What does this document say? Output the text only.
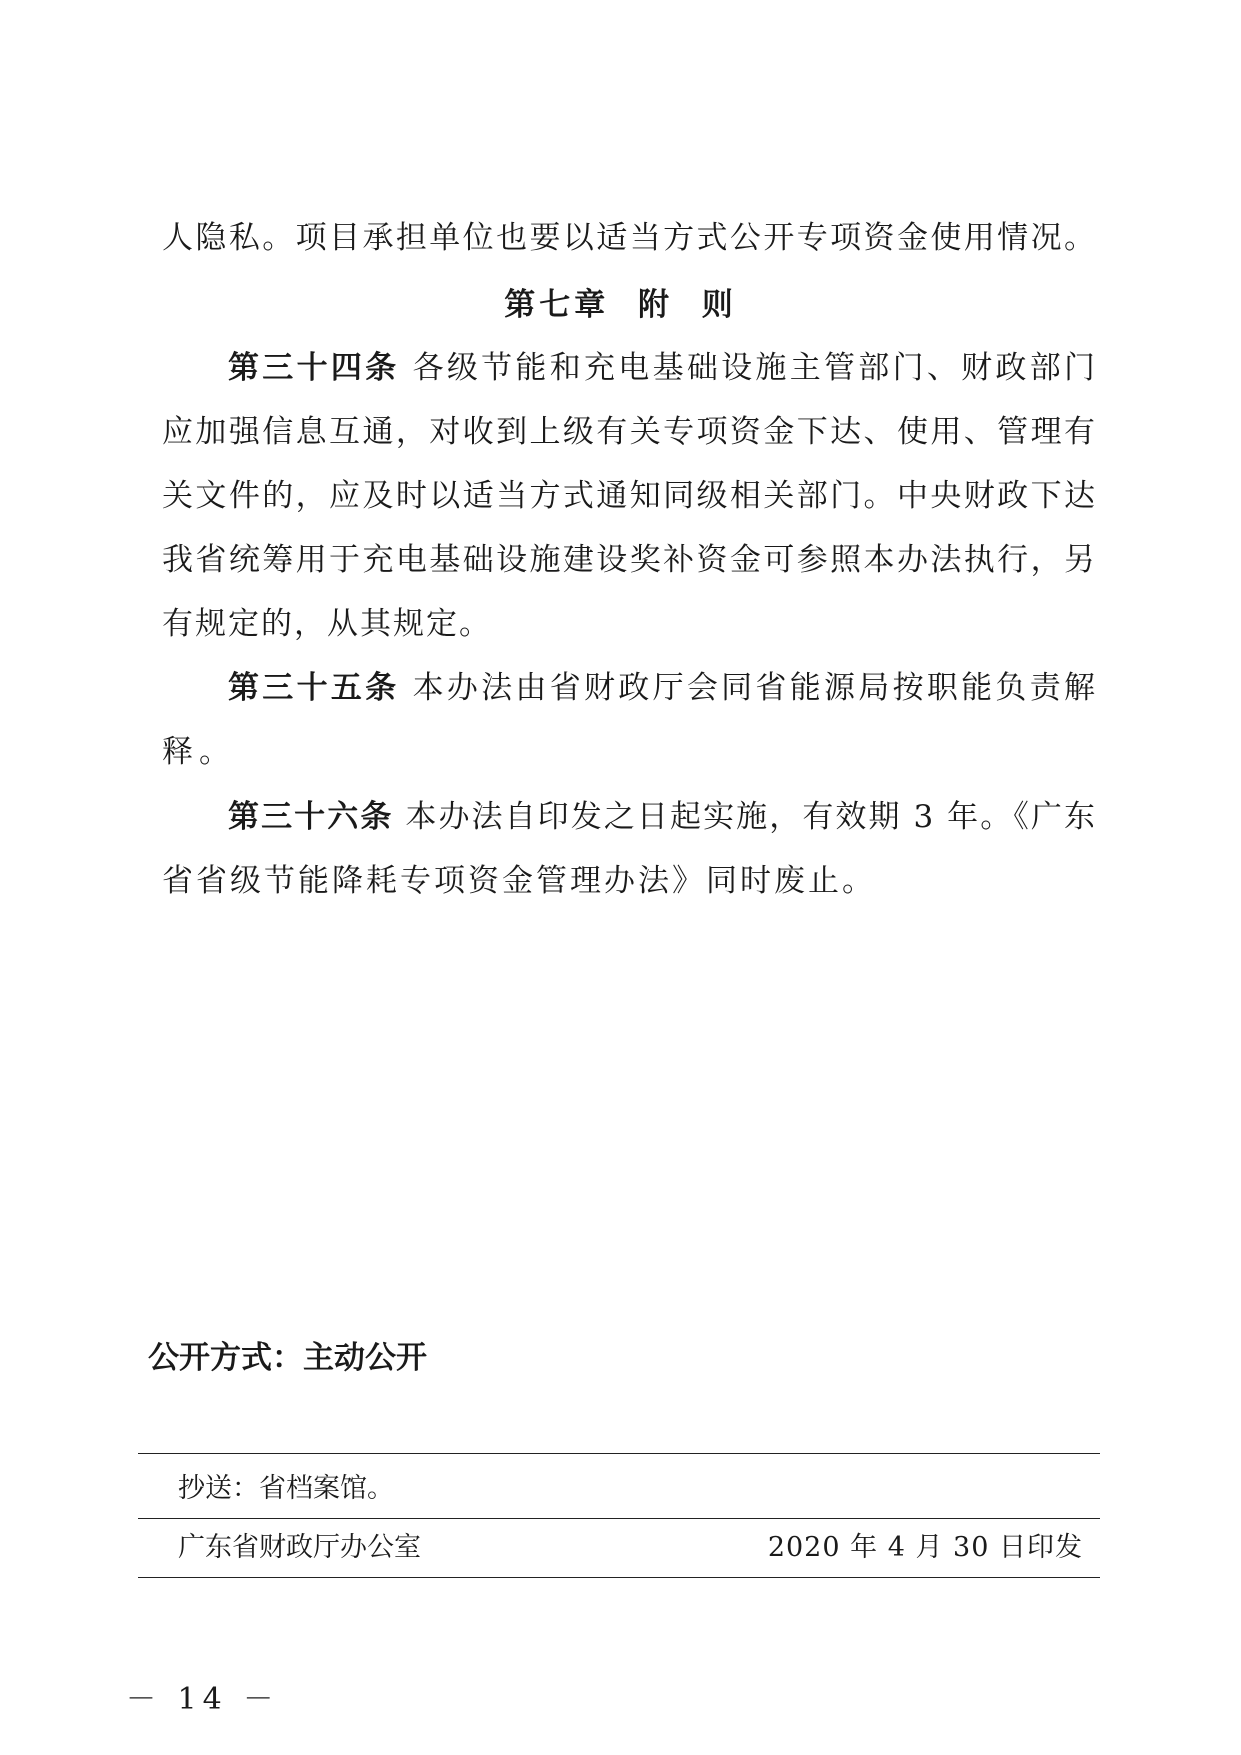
人隐私。项目承担单位也要以适当方式公开专项资金使用情况。
第七章 附 则
第三十四条 各级节能和充电基础设施主管部门、财政部门
应加强信息互通，对收到上级有关专项资金下达、使用、管理有
关文件的，应及时以适当方式通知同级相关部门。中央财政下达
我省统筹用于充电基础设施建设奖补资金可参照本办法执行，另
有规定的，从其规定。
第三十五条 本办法由省财政厅会同省能源局按职能负责解
释。
第三十六条 本办法自印发之日起实施，有效期 3 年。《广东
省省级节能降耗专项资金管理办法》同时废止。
公开方式：主动公开
抄送：省档案馆。
广东省财政厅办公室	2020 年 4 月 30 日印发
－ 14 －
